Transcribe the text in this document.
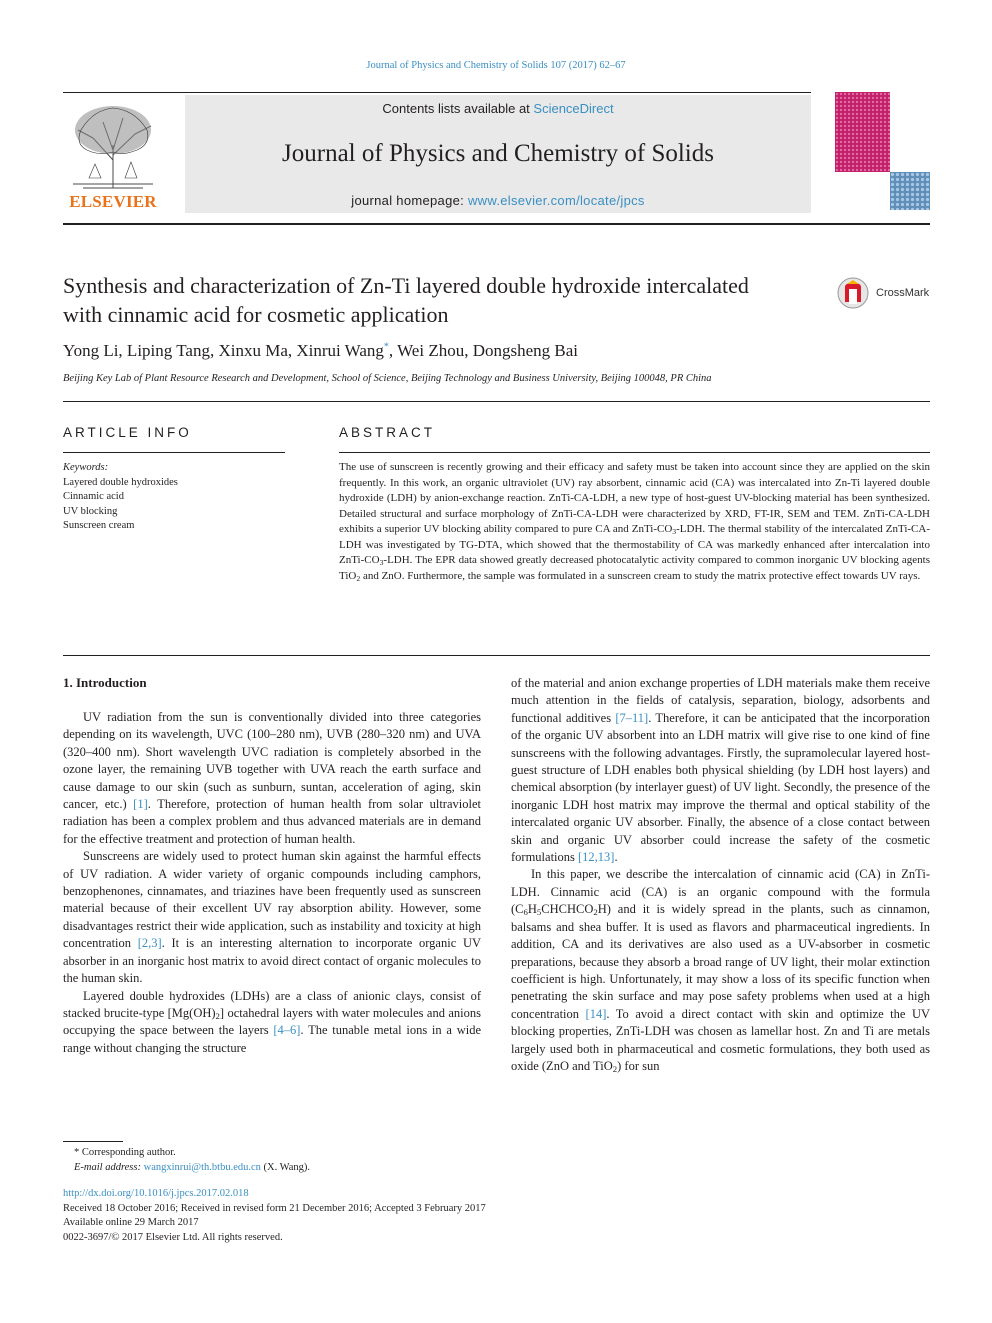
Journal of Physics and Chemistry of Solids 107 (2017) 62–67
ELSEVIER
Contents lists available at ScienceDirect
Journal of Physics and Chemistry of Solids
journal homepage: www.elsevier.com/locate/jpcs
Synthesis and characterization of Zn-Ti layered double hydroxide intercalated with cinnamic acid for cosmetic application
CrossMark
Yong Li, Liping Tang, Xinxu Ma, Xinrui Wang*, Wei Zhou, Dongsheng Bai
Beijing Key Lab of Plant Resource Research and Development, School of Science, Beijing Technology and Business University, Beijing 100048, PR China
ARTICLE INFO	ABSTRACT
Keywords:
Layered double hydroxides
Cinnamic acid
UV blocking
Sunscreen cream
The use of sunscreen is recently growing and their efficacy and safety must be taken into account since they are applied on the skin frequently. In this work, an organic ultraviolet (UV) ray absorbent, cinnamic acid (CA) was intercalated into Zn-Ti layered double hydroxide (LDH) by anion-exchange reaction. ZnTi-CA-LDH, a new type of host-guest UV-blocking material has been synthesized. Detailed structural and surface morphology of ZnTi-CA-LDH were characterized by XRD, FT-IR, SEM and TEM. ZnTi-CA-LDH exhibits a superior UV blocking ability compared to pure CA and ZnTi-$CO_3$-LDH. The thermal stability of the intercalated ZnTi-CA-LDH was investigated by TG-DTA, which showed that the thermostability of CA was markedly enhanced after intercalation into ZnTi-$CO_3$-LDH. The EPR data showed greatly decreased photocatalytic activity compared to common inorganic UV blocking agents TiO$_2$ and ZnO. Furthermore, the sample was formulated in a sunscreen cream to study the matrix protective effect towards UV rays.
1. Introduction

UV radiation from the sun is conventionally divided into three categories depending on its wavelength, UVC (100–280 nm), UVB (280–320 nm) and UVA (320–400 nm). Short wavelength UVC radiation is completely absorbed in the ozone layer, the remaining UVB together with UVA reach the earth surface and cause damage to our skin (such as sunburn, suntan, acceleration of aging, skin cancer, etc.) [1]. Therefore, protection of human health from solar ultraviolet radiation has been a complex problem and thus advanced materials are in demand for the effective treatment and protection of human health.

Sunscreens are widely used to protect human skin against the harmful effects of UV radiation. A wider variety of organic compounds including camphors, benzophenones, cinnamates, and triazines have been frequently used as sunscreen material because of their excellent UV ray absorption ability. However, some disadvantages restrict their wide application, such as instability and toxicity at high concentration [2,3]. It is an interesting alternation to incorporate organic UV absorber in an inorganic host matrix to avoid direct contact of organic molecules to the human skin.

Layered double hydroxides (LDHs) are a class of anionic clays, consist of stacked brucite-type $[Mg(OH)_2]$ octahedral layers with water molecules and anions occupying the space between the layers [4–6]. The tunable metal ions in a wide range without changing the structure

of the material and anion exchange properties of LDH materials make them receive much attention in the fields of catalysis, separation, biology, adsorbents and functional additives [7–11]. Therefore, it can be anticipated that the incorporation of the organic UV absorbent into an LDH matrix will give rise to one kind of fine sunscreens with the following advantages. Firstly, the supramolecular layered host-guest structure of LDH enables both physical shielding (by LDH host layers) and chemical absorption (by interlayer guest) of UV light. Secondly, the presence of the inorganic LDH host matrix may improve the thermal and optical stability of the intercalated organic UV absorber. Finally, the absence of a close contact between skin and organic UV absorber could increase the safety of the cosmetic formulations [12,13].

In this paper, we describe the intercalation of cinnamic acid (CA) in ZnTi-LDH. Cinnamic acid (CA) is an organic compound with the formula $(C_6H_5CHCHCO_2H)$ and it is widely spread in the plants, such as cinnamon, balsams and shea buffer. It is used as flavors and pharmaceutical ingredients. In addition, CA and its derivatives are also used as a UV-absorber in cosmetic preparations, because they absorb a broad range of UV light, their molar extinction coefficient is high. Unfortunately, it may show a loss of its specific function when penetrating the skin surface and may pose safety problems when used at a high concentration [14]. To avoid a direct contact with skin and optimize the UV blocking properties, ZnTi-LDH was chosen as lamellar host. Zn and Ti are metals largely used both in pharmaceutical and cosmetic formulations, they both used as oxide (ZnO and TiO$_2$) for sun

* Corresponding author.
E-mail address: wangxinrui@th.btbu.edu.cn (X. Wang).
http://dx.doi.org/10.1016/j.jpcs.2017.02.018
Received 18 October 2016; Received in revised form 21 December 2016; Accepted 3 February 2017
Available online 29 March 2017
0022-3697/© 2017 Elsevier Ltd. All rights reserved.
